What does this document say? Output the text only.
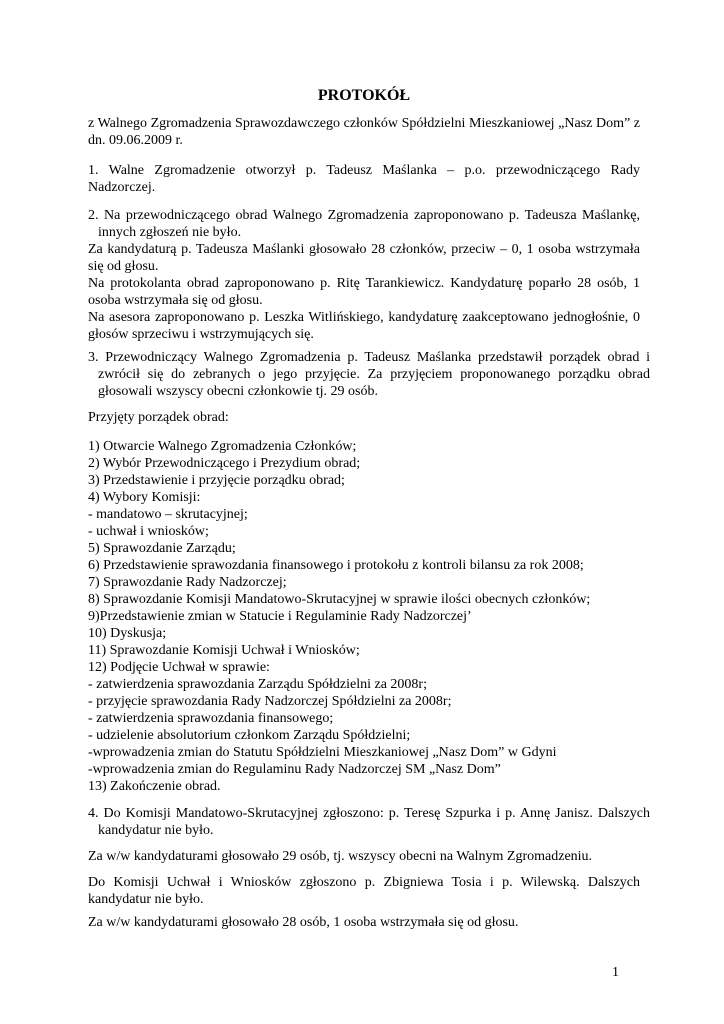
PROTOKÓŁ
z Walnego Zgromadzenia Sprawozdawczego członków Spółdzielni Mieszkaniowej „Nasz Dom” z dn. 09.06.2009 r.
1. Walne Zgromadzenie otworzył p. Tadeusz Maślanka – p.o. przewodniczącego Rady Nadzorczej.
2. Na przewodniczącego obrad Walnego Zgromadzenia zaproponowano p. Tadeusza Maślankę, innych zgłoszeń nie było.
Za kandydaturą p. Tadeusza Maślanki głosowało 28 członków, przeciw – 0, 1 osoba wstrzymała się od głosu.
Na protokolanta obrad zaproponowano p. Ritę Tarankiewicz. Kandydaturę poparło 28 osób, 1 osoba wstrzymała się od głosu.
Na asesora zaproponowano p. Leszka Witlińskiego, kandydaturę zaakceptowano jednogłośnie, 0 głosów sprzeciwu i wstrzymujących się.
3. Przewodniczący Walnego Zgromadzenia p. Tadeusz Maślanka przedstawił porządek obrad i zwrócił się do zebranych o jego przyjęcie. Za przyjęciem proponowanego porządku obrad głosowali wszyscy obecni członkowie tj. 29 osób.
Przyjęty porządek obrad:
1) Otwarcie Walnego Zgromadzenia Członków;
2) Wybór Przewodniczącego i Prezydium obrad;
3) Przedstawienie i przyjęcie porządku obrad;
4) Wybory Komisji:
- mandatowo – skrutacyjnej;
- uchwał i wniosków;
5) Sprawozdanie Zarządu;
6) Przedstawienie sprawozdania finansowego i protokołu z kontroli bilansu za rok 2008;
7) Sprawozdanie Rady Nadzorczej;
8) Sprawozdanie Komisji Mandatowo-Skrutacyjnej w sprawie ilości obecnych członków;
9)Przedstawienie zmian w Statucie i Regulaminie Rady Nadzorczej’
10) Dyskusja;
11) Sprawozdanie Komisji Uchwał i Wniosków;
12) Podjęcie Uchwał w sprawie:
- zatwierdzenia sprawozdania Zarządu Spółdzielni za 2008r;
- przyjęcie sprawozdania Rady Nadzorczej Spółdzielni za 2008r;
- zatwierdzenia sprawozdania finansowego;
- udzielenie absolutorium członkom Zarządu Spółdzielni;
-wprowadzenia zmian do Statutu Spółdzielni Mieszkaniowej „Nasz Dom” w Gdyni
-wprowadzenia zmian do Regulaminu Rady Nadzorczej SM „Nasz Dom”
13) Zakończenie obrad.
4. Do Komisji Mandatowo-Skrutacyjnej zgłoszono: p. Teresę Szpurka i p. Annę Janisz. Dalszych kandydatur nie było.
Za w/w kandydaturami głosowało 29 osób, tj. wszyscy obecni na Walnym Zgromadzeniu.
Do Komisji Uchwał i Wniosków zgłoszono p. Zbigniewa Tosia i p. Wilewską. Dalszych kandydatur nie było.
Za w/w kandydaturami głosowało 28 osób, 1 osoba wstrzymała się od głosu.
1
